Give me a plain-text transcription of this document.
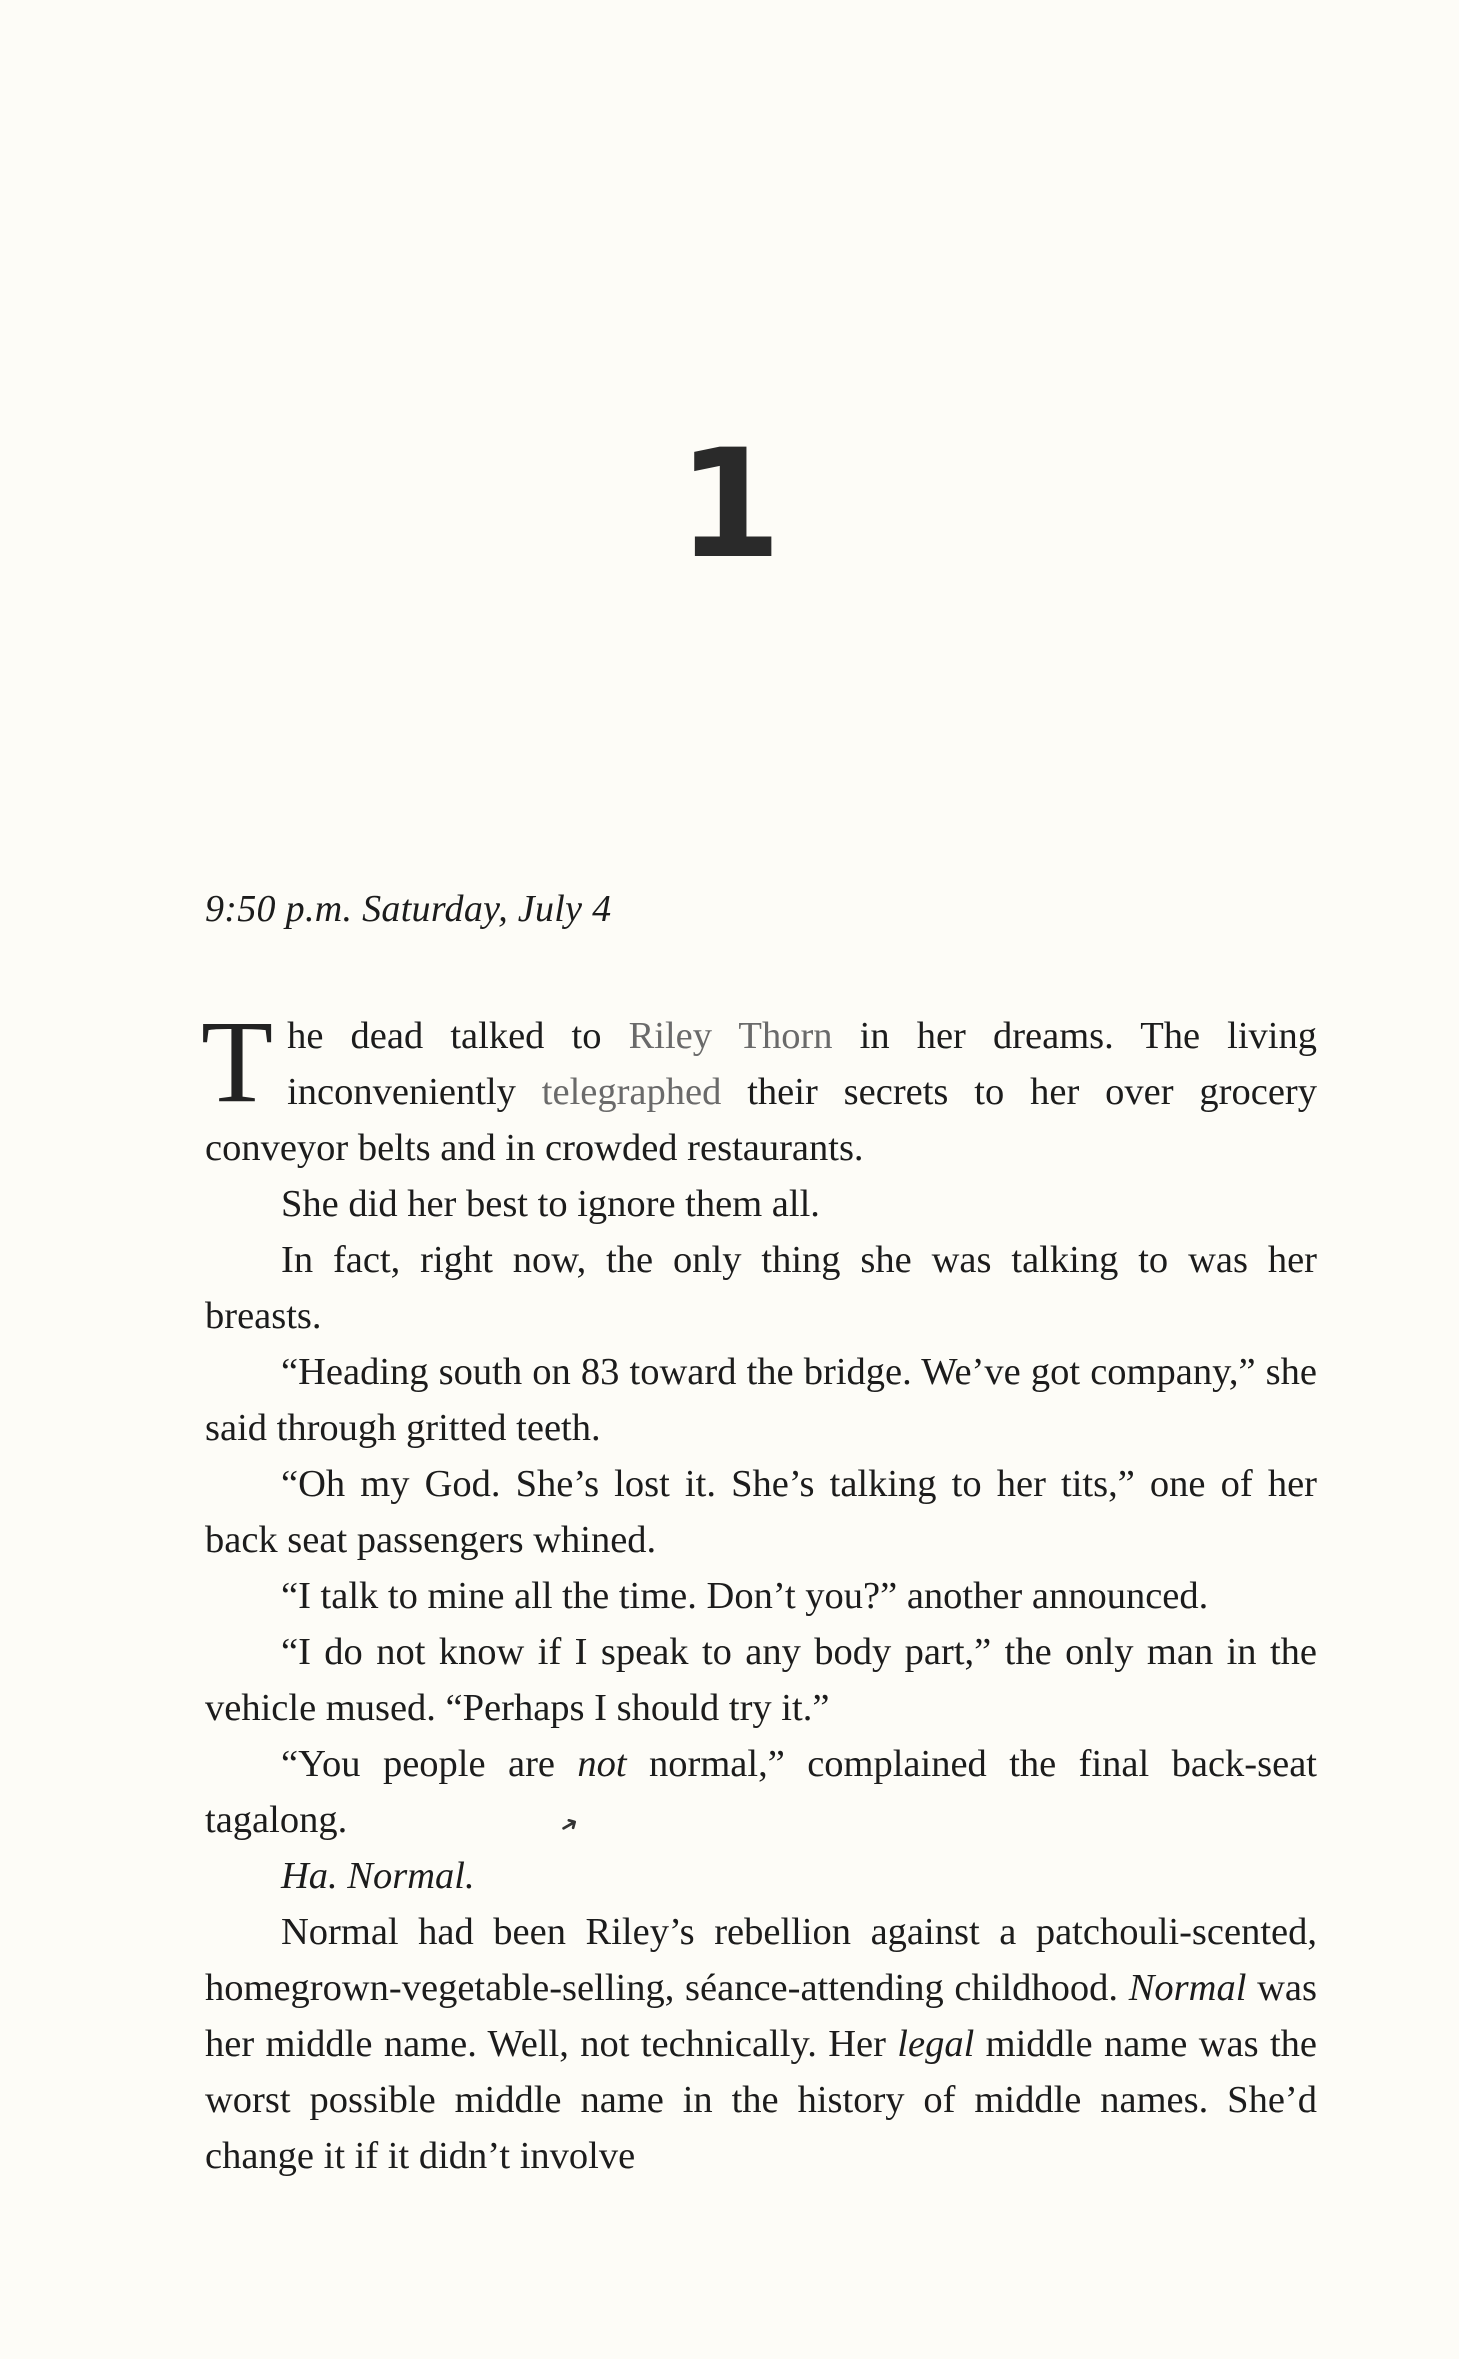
1
9:50 p.m. Saturday, July 4

The dead talked to Riley Thorn in her dreams. The living inconveniently telegraphed their secrets to her over grocery conveyor belts and in crowded restaurants.

She did her best to ignore them all.

In fact, right now, the only thing she was talking to was her breasts.

“Heading south on 83 toward the bridge. We’ve got company,” she said through gritted teeth.

“Oh my God. She’s lost it. She’s talking to her tits,” one of her back seat passengers whined.

“I talk to mine all the time. Don’t you?” another announced.

“I do not know if I speak to any body part,” the only man in the vehicle mused. “Perhaps I should try it.”

“You people are not normal,” complained the final back-seat tagalong.

Ha. Normal.

Normal had been Riley’s rebellion against a patchouli-scented, homegrown-vegetable-selling, séance-attending childhood. Normal was her middle name. Well, not technically. Her legal middle name was the worst possible middle name in the history of middle names. She’d change it if it didn’t involve

➜
